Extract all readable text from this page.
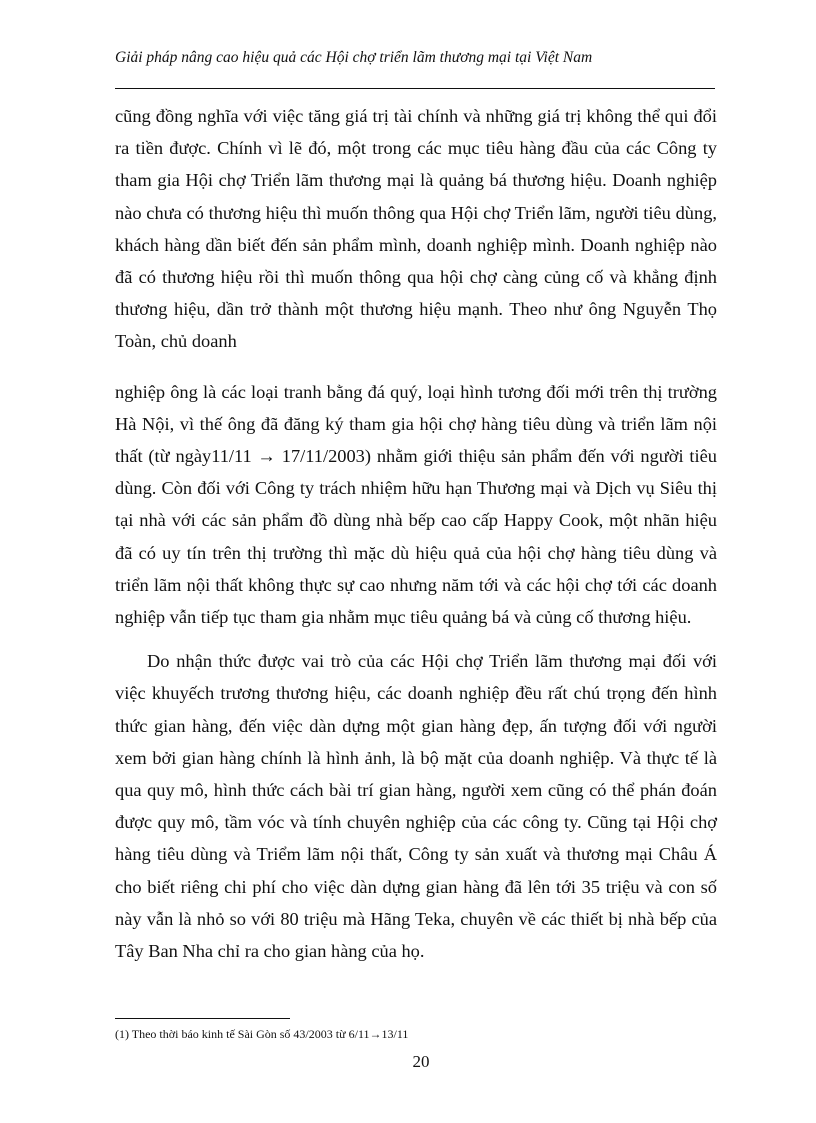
Giải pháp nâng cao hiệu quả các Hội chợ triển lãm thương mại tại Việt Nam

cũng đồng nghĩa với việc tăng giá trị tài chính và những giá trị không thể qui đổi ra tiền được. Chính vì lẽ đó, một trong các mục tiêu hàng đầu của các Công ty tham gia Hội chợ Triển lãm thương mại là quảng bá thương hiệu. Doanh nghiệp nào chưa có thương hiệu thì muốn thông qua Hội chợ Triển lãm, người tiêu dùng, khách hàng dần biết đến sản phẩm mình, doanh nghiệp mình. Doanh nghiệp nào đã có thương hiệu rồi thì muốn thông qua hội chợ càng củng cố và khẳng định thương hiệu, dần trở thành một thương hiệu mạnh. Theo như ông Nguyễn Thọ Toàn, chủ doanh

nghiệp ông là các loại tranh bằng đá quý, loại hình tương đối mới trên thị trường Hà Nội, vì thế ông đã đăng ký tham gia hội chợ hàng tiêu dùng và triển lãm nội thất (từ ngày11/11 → 17/11/2003) nhằm giới thiệu sản phẩm đến với người tiêu dùng. Còn đối với Công ty trách nhiệm hữu hạn Thương mại và Dịch vụ Siêu thị tại nhà với các sản phẩm đồ dùng nhà bếp cao cấp Happy Cook, một nhãn hiệu đã có uy tín trên thị trường thì mặc dù hiệu quả của hội chợ hàng tiêu dùng và triển lãm nội thất không thực sự cao nhưng năm tới và các hội chợ tới các doanh nghiệp vẫn tiếp tục tham gia nhằm mục tiêu quảng bá và củng cố thương hiệu.

Do nhận thức được vai trò của các Hội chợ Triển lãm thương mại đối với việc khuyếch trương thương hiệu, các doanh nghiệp đều rất chú trọng đến hình thức gian hàng, đến việc dàn dựng một gian hàng đẹp, ấn tượng đối với người xem bởi gian hàng chính là hình ảnh, là bộ mặt của doanh nghiệp. Và thực tế là qua quy mô, hình thức cách bài trí gian hàng, người xem cũng có thể phán đoán được quy mô, tầm vóc và tính chuyên nghiệp của các công ty. Cũng tại Hội chợ hàng tiêu dùng và Triểm lãm nội thất, Công ty sản xuất và thương mại Châu Á cho biết riêng chi phí cho việc dàn dựng gian hàng đã lên tới 35 triệu và con số này vẫn là nhỏ so với 80 triệu mà Hãng Teka, chuyên về các thiết bị nhà bếp của Tây Ban Nha chỉ ra cho gian hàng của họ.

(1) Theo thời báo kinh tế Sài Gòn số 43/2003 từ 6/11→13/11
20
